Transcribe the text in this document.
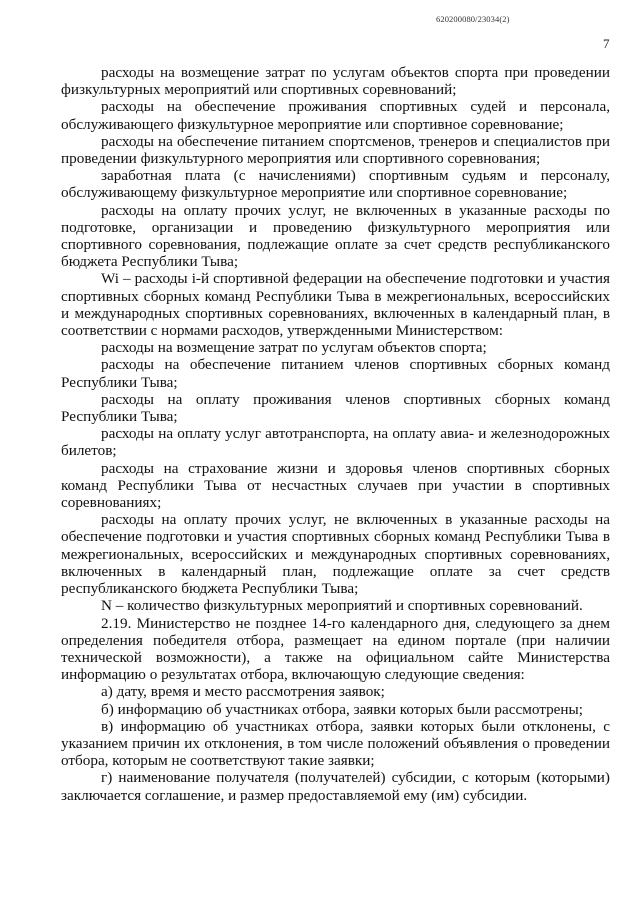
620200080/23034(2)
7

расходы на возмещение затрат по услугам объектов спорта при проведении физкультурных мероприятий или спортивных соревнований;

расходы на обеспечение проживания спортивных судей и персонала, обслуживающего физкультурное мероприятие или спортивное соревнование;

расходы на обеспечение питанием спортсменов, тренеров и специалистов при проведении физкультурного мероприятия или спортивного соревнования;

заработная плата (с начислениями) спортивным судьям и персоналу, обслуживающему физкультурное мероприятие или спортивное соревнование;

расходы на оплату прочих услуг, не включенных в указанные расходы по подготовке, организации и проведению физкультурного мероприятия или спортивного соревнования, подлежащие оплате за счет средств республиканского бюджета Республики Тыва;

Wi – расходы i-й спортивной федерации на обеспечение подготовки и участия спортивных сборных команд Республики Тыва в межрегиональных, всероссийских и международных спортивных соревнованиях, включенных в календарный план, в соответствии с нормами расходов, утвержденными Министерством:

расходы на возмещение затрат по услугам объектов спорта;

расходы на обеспечение питанием членов спортивных сборных команд Республики Тыва;

расходы на оплату проживания членов спортивных сборных команд Республики Тыва;

расходы на оплату услуг автотранспорта, на оплату авиа- и железнодорожных билетов;

расходы на страхование жизни и здоровья членов спортивных сборных команд Республики Тыва от несчастных случаев при участии в спортивных соревнованиях;

расходы на оплату прочих услуг, не включенных в указанные расходы на обеспечение подготовки и участия спортивных сборных команд Республики Тыва в межрегиональных, всероссийских и международных спортивных соревнованиях, включенных в календарный план, подлежащие оплате за счет средств республиканского бюджета Республики Тыва;

N – количество физкультурных мероприятий и спортивных соревнований.

2.19. Министерство не позднее 14-го календарного дня, следующего за днем определения победителя отбора, размещает на едином портале (при наличии технической возможности), а также на официальном сайте Министерства информацию о результатах отбора, включающую следующие сведения:

а) дату, время и место рассмотрения заявок;

б) информацию об участниках отбора, заявки которых были рассмотрены;

в) информацию об участниках отбора, заявки которых были отклонены, с указанием причин их отклонения, в том числе положений объявления о проведении отбора, которым не соответствуют такие заявки;

г) наименование получателя (получателей) субсидии, с которым (которыми) заключается соглашение, и размер предоставляемой ему (им) субсидии.
